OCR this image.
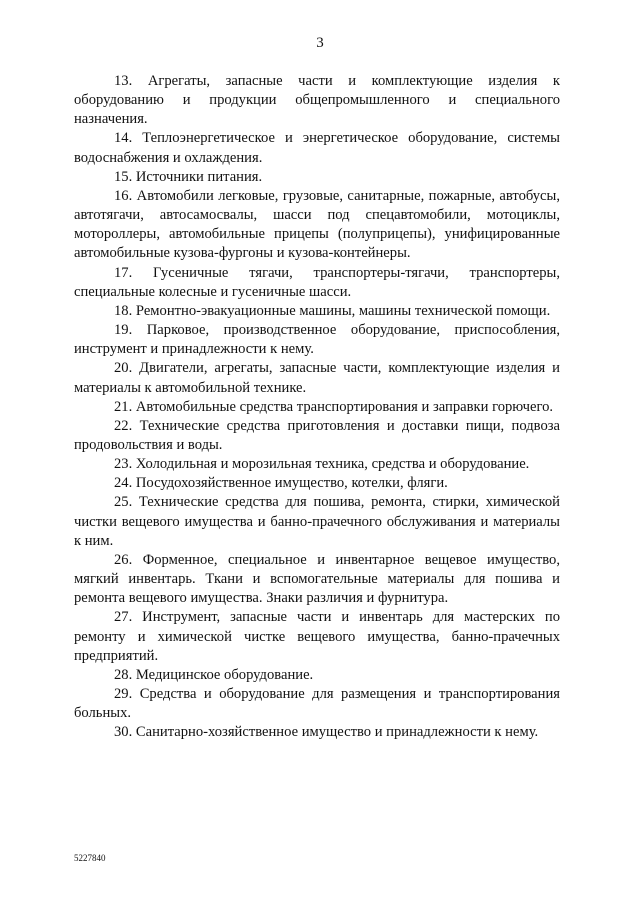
3

13. Агрегаты, запасные части и комплектующие изделия к оборудованию и продукции общепромышленного и специального назначения.

14. Теплоэнергетическое и энергетическое оборудование, системы водоснабжения и охлаждения.

15. Источники питания.

16. Автомобили легковые, грузовые, санитарные, пожарные, автобусы, автотягачи, автосамосвалы, шасси под спецавтомобили, мотоциклы, мотороллеры, автомобильные прицепы (полуприцепы), унифицированные автомобильные кузова-фургоны и кузова-контейнеры.

17. Гусеничные тягачи, транспортеры-тягачи, транспортеры, специальные колесные и гусеничные шасси.

18. Ремонтно-эвакуационные машины, машины технической помощи.

19. Парковое, производственное оборудование, приспособления, инструмент и принадлежности к нему.

20. Двигатели, агрегаты, запасные части, комплектующие изделия и материалы к автомобильной технике.

21. Автомобильные средства транспортирования и заправки горючего.

22. Технические средства приготовления и доставки пищи, подвоза продовольствия и воды.

23. Холодильная и морозильная техника, средства и оборудование.

24. Посудохозяйственное имущество, котелки, фляги.

25. Технические средства для пошива, ремонта, стирки, химической чистки вещевого имущества и банно-прачечного обслуживания и материалы к ним.

26. Форменное, специальное и инвентарное вещевое имущество, мягкий инвентарь. Ткани и вспомогательные материалы для пошива и ремонта вещевого имущества. Знаки различия и фурнитура.

27. Инструмент, запасные части и инвентарь для мастерских по ремонту и химической чистке вещевого имущества, банно-прачечных предприятий.

28. Медицинское оборудование.

29. Средства и оборудование для размещения и транспортирования больных.

30. Санитарно-хозяйственное имущество и принадлежности к нему.

5227840
